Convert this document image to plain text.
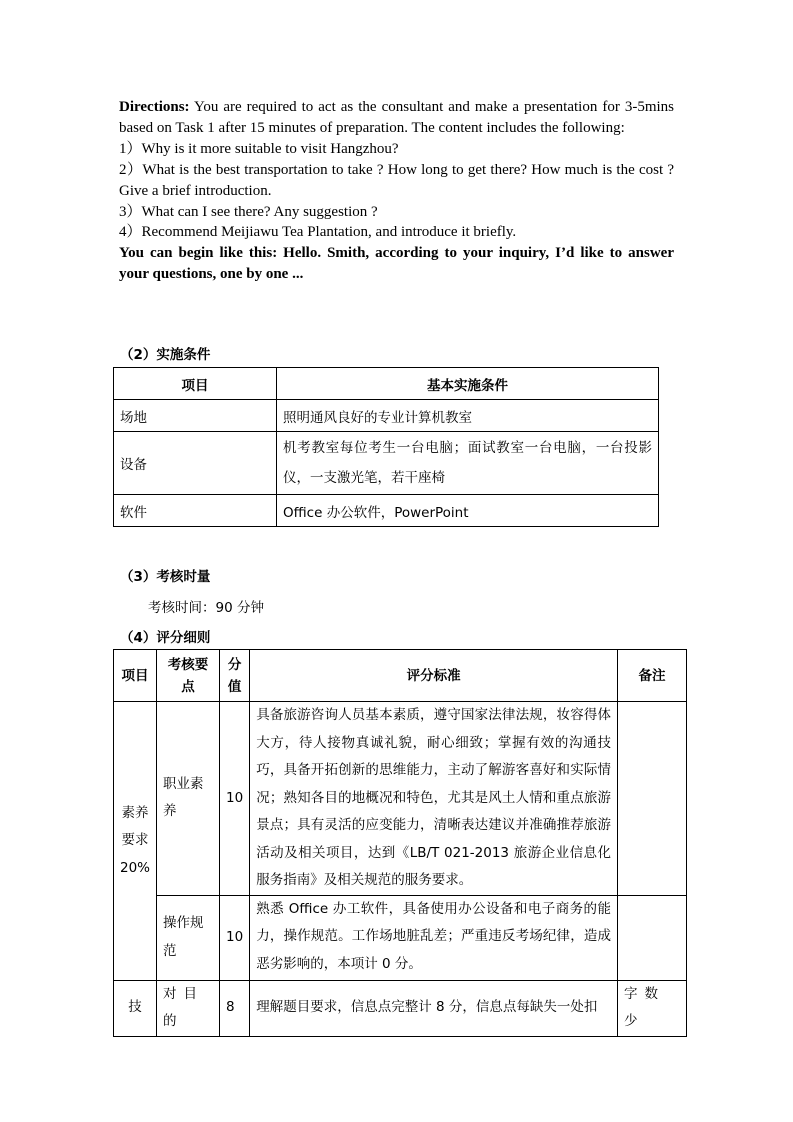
Directions: You are required to act as the consultant and make a presentation for 3-5mins based on Task 1 after 15 minutes of preparation. The content includes the following:

1）Why is it more suitable to visit Hangzhou?

2）What is the best transportation to take ? How long to get there? How much is the cost ? Give a brief introduction.

3）What can I see there? Any suggestion ?

4）Recommend Meijiawu Tea Plantation, and introduce it briefly.

You can begin like this: Hello. Smith, according to your inquiry, I’d like to answer your questions, one by one ...

（2）实施条件
项目	基本实施条件
场地	照明通风良好的专业计算机教室
设备	机考教室每位考生一台电脑；面试教室一台电脑，一台投影仪，一支激光笔，若干座椅
软件	Office 办公软件，PowerPoint
（3）考核时量
考核时间：90 分钟
（4）评分细则
项目	考核要点	分值	评分标准	备注
素养要求20%	职业素养	10	具备旅游咨询人员基本素质，遵守国家法律法规，妆容得体大方，待人接物真诚礼貌，耐心细致；掌握有效的沟通技巧，具备开拓创新的思维能力，主动了解游客喜好和实际情况；熟知各目的地概况和特色，尤其是风土人情和重点旅游景点；具有灵活的应变能力，清晰表达建议并准确推荐旅游活动及相关项目，达到《LB/T 021-2013 旅游企业信息化服务指南》及相关规范的服务要求。	
	操作规范	10	熟悉 Office 办工软件，具备使用办公设备和电子商务的能力，操作规范。工作场地脏乱差；严重违反考场纪律，造成恶劣影响的，本项计 0 分。	
技	对目的	8	理解题目要求，信息点完整计 8 分，信息点每缺失一处扣	字数少
